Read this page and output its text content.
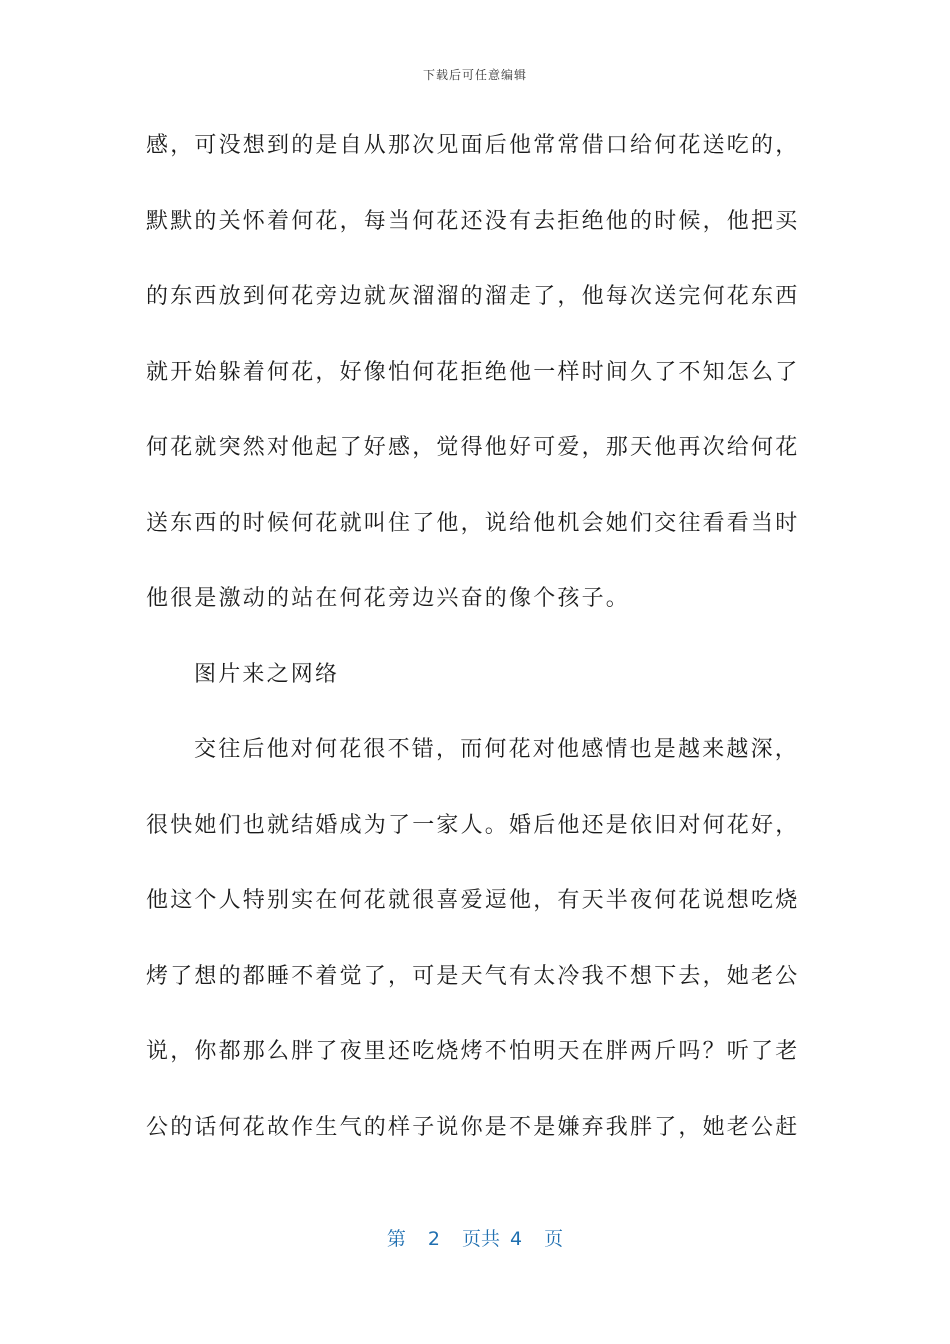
下载后可任意编辑
感，可没想到的是自从那次见面后他常常借口给何花送吃的，
默默的关怀着何花，每当何花还没有去拒绝他的时候，他把买
的东西放到何花旁边就灰溜溜的溜走了，他每次送完何花东西
就开始躲着何花，好像怕何花拒绝他一样时间久了不知怎么了
何花就突然对他起了好感，觉得他好可爱，那天他再次给何花
送东西的时候何花就叫住了他，说给他机会她们交往看看当时
他很是激动的站在何花旁边兴奋的像个孩子。
图片来之网络
交往后他对何花很不错，而何花对他感情也是越来越深，
很快她们也就结婚成为了一家人。婚后他还是依旧对何花好，
他这个人特别实在何花就很喜爱逗他，有天半夜何花说想吃烧
烤了想的都睡不着觉了，可是天气有太冷我不想下去，她老公
说，你都那么胖了夜里还吃烧烤不怕明天在胖两斤吗？听了老
公的话何花故作生气的样子说你是不是嫌弃我胖了，她老公赶
第 2 页共 4 页
